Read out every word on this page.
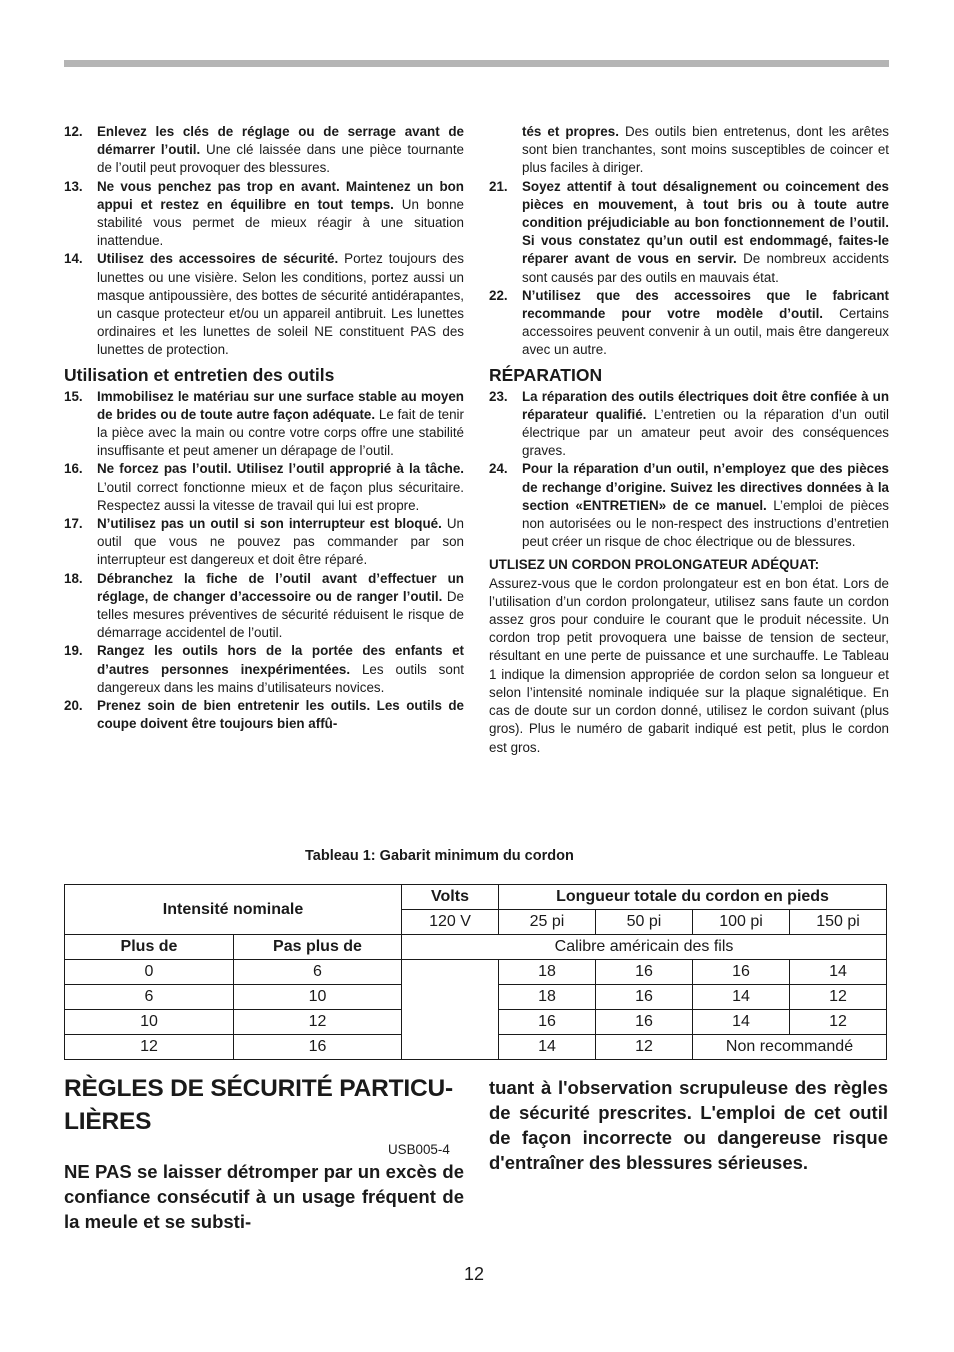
12. Enlevez les clés de réglage ou de serrage avant de démarrer l’outil. Une clé laissée dans une pièce tournante de l’outil peut provoquer des blessures.
13. Ne vous penchez pas trop en avant. Maintenez un bon appui et restez en équilibre en tout temps. Un bonne stabilité vous permet de mieux réagir à une situation inattendue.
14. Utilisez des accessoires de sécurité. Portez toujours des lunettes ou une visière. Selon les conditions, portez aussi un masque antipoussière, des bottes de sécurité antidérapantes, un casque protecteur et/ou un appareil antibruit. Les lunettes ordinaires et les lunettes de soleil NE constituent PAS des lunettes de protection.
Utilisation et entretien des outils
15. Immobilisez le matériau sur une surface stable au moyen de brides ou de toute autre façon adéquate. Le fait de tenir la pièce avec la main ou contre votre corps offre une stabilité insuffisante et peut amener un dérapage de l’outil.
16. Ne forcez pas l’outil. Utilisez l’outil approprié à la tâche. L’outil correct fonctionne mieux et de façon plus sécuritaire. Respectez aussi la vitesse de travail qui lui est propre.
17. N’utilisez pas un outil si son interrupteur est bloqué. Un outil que vous ne pouvez pas commander par son interrupteur est dangereux et doit être réparé.
18. Débranchez la fiche de l’outil avant d’effectuer un réglage, de changer d’accessoire ou de ranger l’outil. De telles mesures préventives de sécurité réduisent le risque de démarrage accidentel de l’outil.
19. Rangez les outils hors de la portée des enfants et d’autres personnes inexpérimentées. Les outils sont dangereux dans les mains d’utilisateurs novices.
20. Prenez soin de bien entretenir les outils. Les outils de coupe doivent être toujours bien affû-
tés et propres. Des outils bien entretenus, dont les arêtes sont bien tranchantes, sont moins susceptibles de coincer et plus faciles à diriger.
21. Soyez attentif à tout désalignement ou coincement des pièces en mouvement, à tout bris ou à toute autre condition préjudiciable au bon fonctionnement de l’outil. Si vous constatez qu’un outil est endommagé, faites-le réparer avant de vous en servir. De nombreux accidents sont causés par des outils en mauvais état.
22. N’utilisez que des accessoires que le fabricant recommande pour votre modèle d’outil. Certains accessoires peuvent convenir à un outil, mais être dangereux avec un autre.
RÉPARATION
23. La réparation des outils électriques doit être confiée à un réparateur qualifié. L’entretien ou la réparation d’un outil électrique par un amateur peut avoir des conséquences graves.
24. Pour la réparation d’un outil, n’employez que des pièces de rechange d’origine. Suivez les directives données à la section «ENTRETIEN» de ce manuel. L’emploi de pièces non autorisées ou le non-respect des instructions d’entretien peut créer un risque de choc électrique ou de blessures.
UTLISEZ UN CORDON PROLONGATEUR ADÉQUAT:
Assurez-vous que le cordon prolongateur est en bon état. Lors de l’utilisation d’un cordon prolongateur, utilisez sans faute un cordon assez gros pour conduire le courant que le produit nécessite. Un cordon trop petit provoquera une baisse de tension de secteur, résultant en une perte de puissance et une surchauffe. Le Tableau 1 indique la dimension appropriée de cordon selon sa longueur et selon l’intensité nominale indiquée sur la plaque signalétique. En cas de doute sur un cordon donné, utilisez le cordon suivant (plus gros). Plus le numéro de gabarit indiqué est petit, plus le cordon est gros.
Tableau 1: Gabarit minimum du cordon
Intensité nominale		Volts	Longueur totale du cordon en pieds			
		120 V	25 pi	50 pi	100 pi	150 pi
Plus de	Pas plus de	Calibre américain des fils				
0	6		18	16	16	14
6	10		18	16	14	12
10	12		16	16	14	12
12	16		14	12	Non recommandé	
RÈGLES DE SÉCURITÉ PARTICU-LIÈRES
USB005-4
NE PAS se laisser détromper par un excès de confiance consécutif à un usage fréquent de la meule et se substi-
tuant à l'observation scrupuleuse des règles de sécurité prescrites. L'emploi de cet outil de façon incorrecte ou dangereuse risque d'entraîner des blessures sérieuses.
12
